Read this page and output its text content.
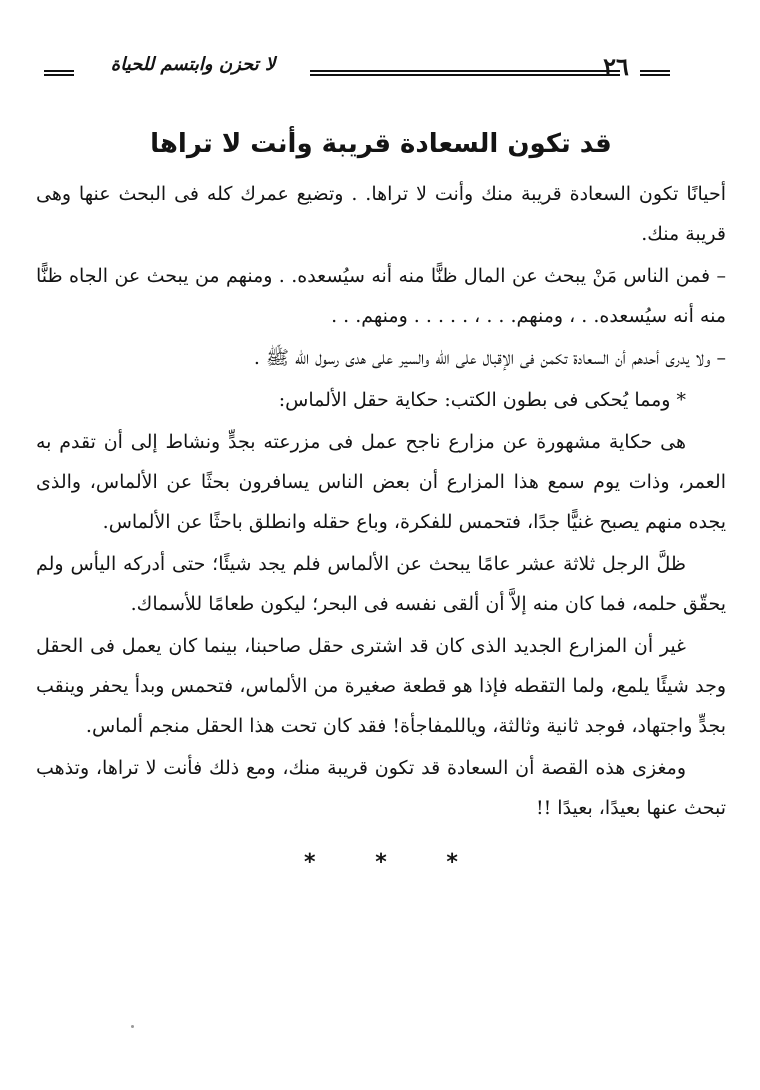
لا تحزن وابتسم للحياة	٢٦
قد تكون السعادة قريبة وأنت لا تراها

أحيانًا تكون السعادة قريبة منك وأنت لا تراها. . وتضيع عمرك كله فى البحث عنها وهى قريبة منك.

– فمن الناس مَنْ يبحث عن المال ظنًّا منه أنه سيُسعده. . ومنهم من يبحث عن الجاه ظنًّا منه أنه سيُسعده. . ، ومنهم. . . ، . . . . . ومنهم. . .

– ولا يدرى أحدهم أن السعادة تكمن فى الإقبال على الله والسير على هدى رسول الله ﷺ .

* ومما يُحكى فى بطون الكتب: حكاية حقل الألماس:

هى حكاية مشهورة عن مزارع ناجح عمل فى مزرعته بجدٍّ ونشاط إلى أن تقدم به العمر، وذات يوم سمع هذا المزارع أن بعض الناس يسافرون بحثًا عن الألماس، والذى يجده منهم يصبح غنيًّا جدًا، فتحمس للفكرة، وباع حقله وانطلق باحثًا عن الألماس.

ظلَّ الرجل ثلاثة عشر عامًا يبحث عن الألماس فلم يجد شيئًا؛ حتى أدركه اليأس ولم يحقّق حلمه، فما كان منه إلاَّ أن ألقى نفسه فى البحر؛ ليكون طعامًا للأسماك.

غير أن المزارع الجديد الذى كان قد اشترى حقل صاحبنا، بينما كان يعمل فى الحقل وجد شيئًا يلمع، ولما التقطه فإذا هو قطعة صغيرة من الألماس، فتحمس وبدأ يحفر وينقب بجدٍّ واجتهاد، فوجد ثانية وثالثة، وياللمفاجأة! فقد كان تحت هذا الحقل منجم ألماس.

ومغزى هذه القصة أن السعادة قد تكون قريبة منك، ومع ذلك فأنت لا تراها، وتذهب تبحث عنها بعيدًا، بعيدًا !!

*	*	*
